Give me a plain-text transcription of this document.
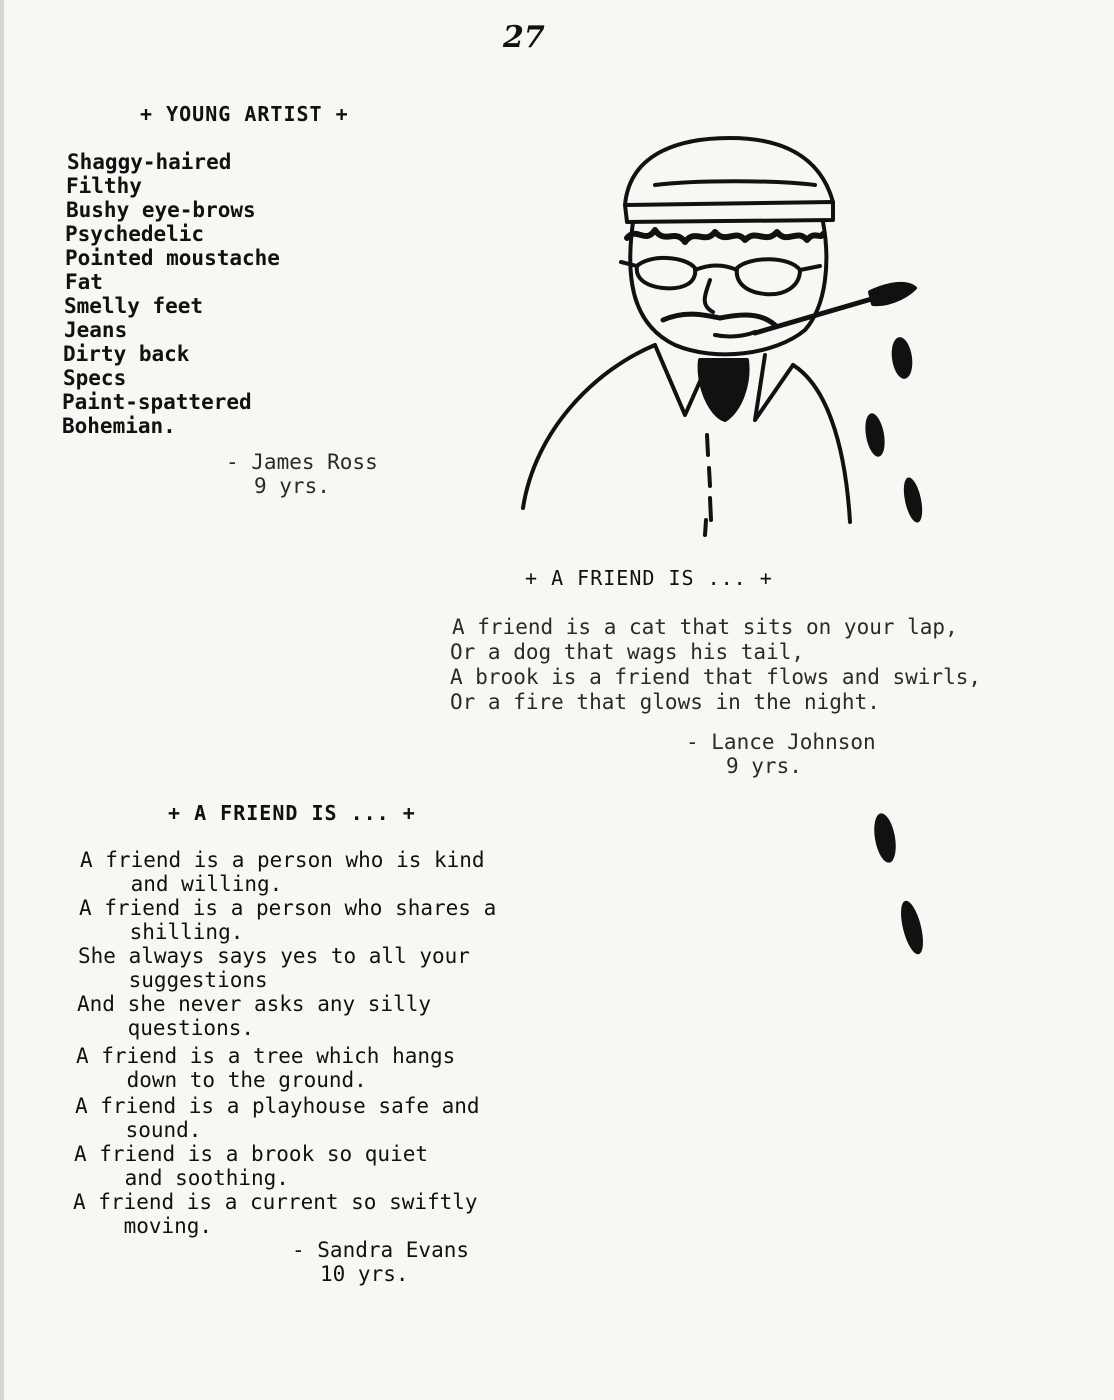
27
+ YOUNG ARTIST +
Shaggy-haired
Filthy
Bushy eye-brows
Psychedelic
Pointed moustache
Fat
Smelly feet
Jeans
Dirty back
Specs
Paint-spattered
Bohemian.
- James Ross
9 yrs.
+ A FRIEND IS ... +
A friend is a cat that sits on your lap,
Or a dog that wags his tail,
A brook is a friend that flows and swirls,
Or a fire that glows in the night.
- Lance Johnson
9 yrs.
+ A FRIEND IS ... +
A friend is a person who is kind
and willing.
A friend is a person who shares a
shilling.
She always says yes to all your
suggestions
And she never asks any silly
questions.
A friend is a tree which hangs
down to the ground.
A friend is a playhouse safe and
sound.
A friend is a brook so quiet
and soothing.
A friend is a current so swiftly
moving.
- Sandra Evans
10 yrs.
